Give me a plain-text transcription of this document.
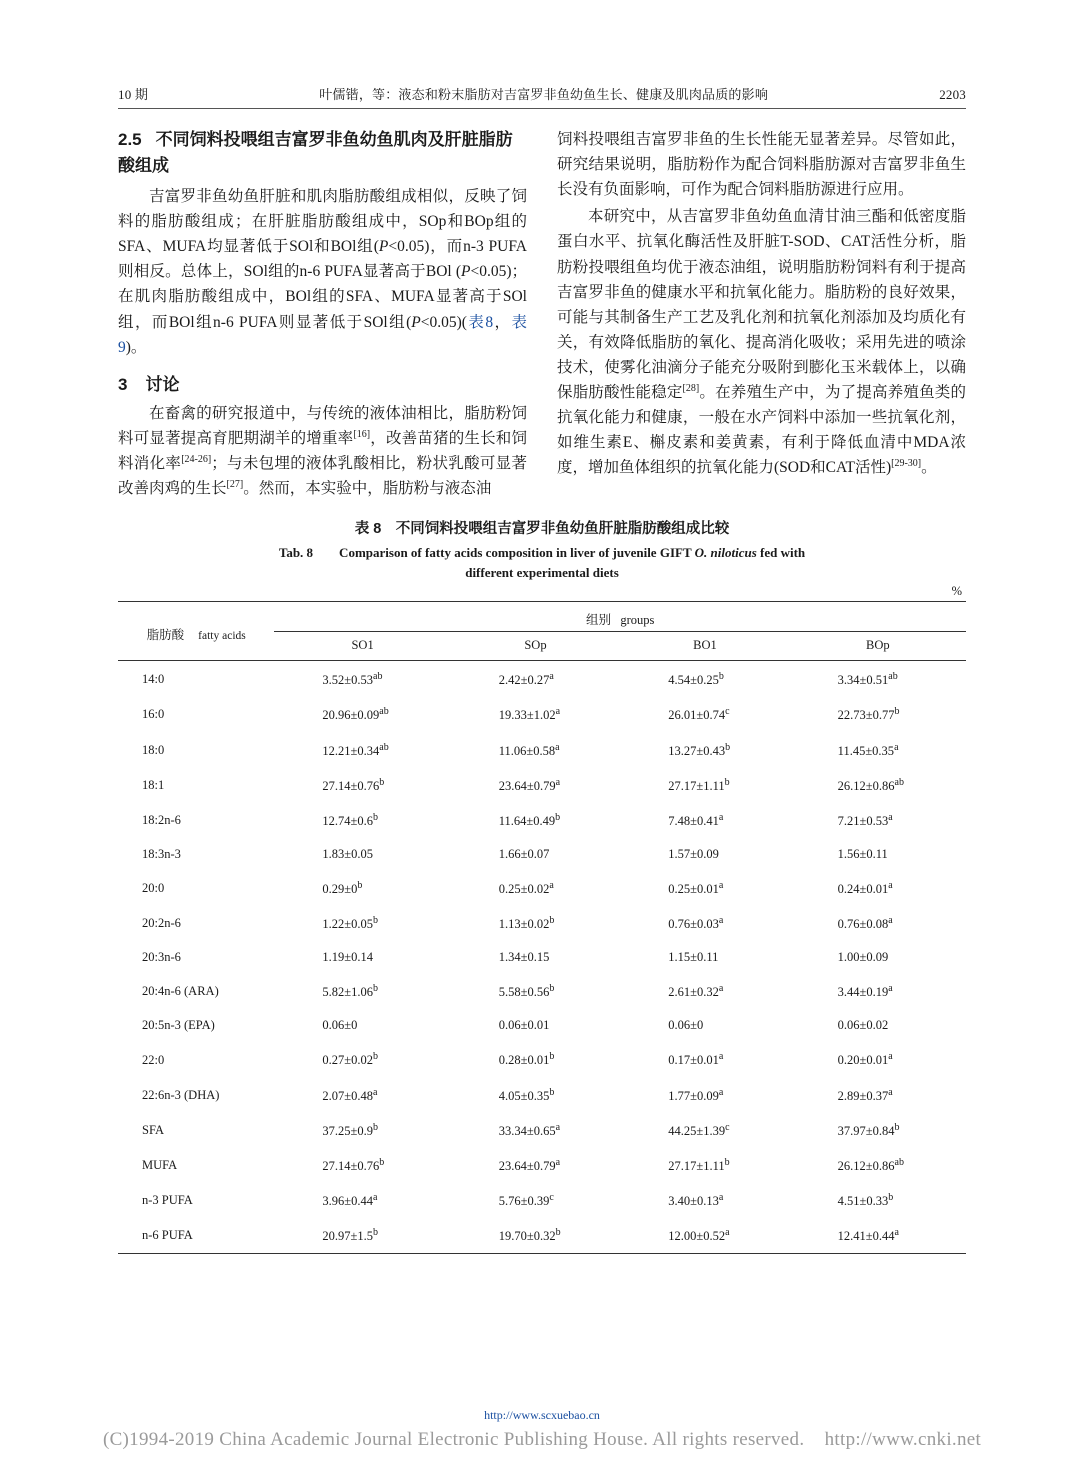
10 期	叶儒锴，等：液态和粉末脂肪对吉富罗非鱼幼鱼生长、健康及肌肉品质的影响	2203
2.5 不同饲料投喂组吉富罗非鱼幼鱼肌肉及肝脏脂肪酸组成

吉富罗非鱼幼鱼肝脏和肌肉脂肪酸组成相似，反映了饲料的脂肪酸组成；在肝脏脂肪酸组成中，SOp和BOp组的SFA、MUFA均显著低于SOl和BOl组(P<0.05)，而n-3 PUFA则相反。总体上，SOl组的n-6 PUFA显著高于BOl (P<0.05)；在肌肉脂肪酸组成中，BOl组的SFA、MUFA显著高于SOl组，而BOl组n-6 PUFA则显著低于SOl组(P<0.05)(表8，表9)。

3 讨论

在畜禽的研究报道中，与传统的液体油相比，脂肪粉饲料可显著提高育肥期湖羊的增重率[16]，改善苗猪的生长和饲料消化率[24-26]；与未包埋的液体乳酸相比，粉状乳酸可显著改善肉鸡的生长[27]。然而，本实验中，脂肪粉与液态油

饲料投喂组吉富罗非鱼的生长性能无显著差异。尽管如此，研究结果说明，脂肪粉作为配合饲料脂肪源对吉富罗非鱼生长没有负面影响，可作为配合饲料脂肪源进行应用。

本研究中，从吉富罗非鱼幼鱼血清甘油三酯和低密度脂蛋白水平、抗氧化酶活性及肝脏T-SOD、CAT活性分析，脂肪粉投喂组鱼均优于液态油组，说明脂肪粉饲料有利于提高吉富罗非鱼的健康水平和抗氧化能力。脂肪粉的良好效果，可能与其制备生产工艺及乳化剂和抗氧化剂添加及均质化有关，有效降低脂肪的氧化、提高消化吸收；采用先进的喷涂技术，使雾化油滴分子能充分吸附到膨化玉米载体上，以确保脂肪酸性能稳定[28]。在养殖生产中，为了提高养殖鱼类的抗氧化能力和健康，一般在水产饲料中添加一些抗氧化剂，如维生素E、槲皮素和姜黄素，有利于降低血清中MDA浓度，增加鱼体组织的抗氧化能力(SOD和CAT活性)[29-30]。

表 8　不同饲料投喂组吉富罗非鱼幼鱼肝脏脂肪酸组成比较
Tab. 8　　Comparison of fatty acids composition in liver of juvenile GIFT O. niloticus fed with
different experimental diets
%

脂肪酸 fatty acids	组别 groups			
	SO1	SOp	BO1	BOp

14:0	3.52±0.53$^{ab}$	2.42±0.27$^a$	4.54±0.25$^b$	3.34±0.51$^{ab}$
16:0	20.96±0.09$^{ab}$	19.33±1.02$^a$	26.01±0.74$^c$	22.73±0.77$^b$
18:0	12.21±0.34$^{ab}$	11.06±0.58$^a$	13.27±0.43$^b$	11.45±0.35$^a$
18:1	27.14±0.76$^b$	23.64±0.79$^a$	27.17±1.11$^b$	26.12±0.86$^{ab}$
18:2n-6	12.74±0.6$^b$	11.64±0.49$^b$	7.48±0.41$^a$	7.21±0.53$^a$
18:3n-3	1.83±0.05	1.66±0.07	1.57±0.09	1.56±0.11
20:0	$0.29\pm 0^b$	0.25±0.02$^a$	0.25±0.01$^a$	0.24±0.01$^a$
20:2n-6	1.22±0.05$^b$	1.13±0.02$^b$	0.76±0.03$^a$	0.76±0.08$^a$
20:3n-6	1.19±0.14	1.34±0.15	1.15±0.11	1.00±0.09
20:4n-6 (ARA)	5.82±1.06$^b$	5.58±0.56$^b$	2.61±0.32$^a$	3.44±0.19$^a$
20:5n-3 (EPA)	0.06±0	0.06±0.01	0.06±0	0.06±0.02
22:0	0.27±0.02$^b$	0.28±0.01$^b$	0.17±0.01$^a$	0.20±0.01$^a$
22:6n-3 (DHA)	2.07±0.48$^a$	4.05±0.35$^b$	1.77±0.09$^a$	2.89±0.37$^a$
SFA	37.25±0.9$^b$	33.34±0.65$^a$	44.25±1.39$^c$	37.97±0.84$^b$
MUFA	27.14±0.76$^b$	23.64±0.79$^a$	27.17±1.11$^b$	26.12±0.86$^{ab}$
n-3 PUFA	3.96±0.44$^a$	5.76±0.39$^c$	3.40±0.13$^a$	4.51±0.33$^b$
n-6 PUFA	20.97±1.5$^b$	19.70±0.32$^b$	12.00±0.52$^a$	12.41±0.44$^a$

http://www.scxuebao.cn
(C)1994-2019 China Academic Journal Electronic Publishing House. All rights reserved. http://www.cnki.net
